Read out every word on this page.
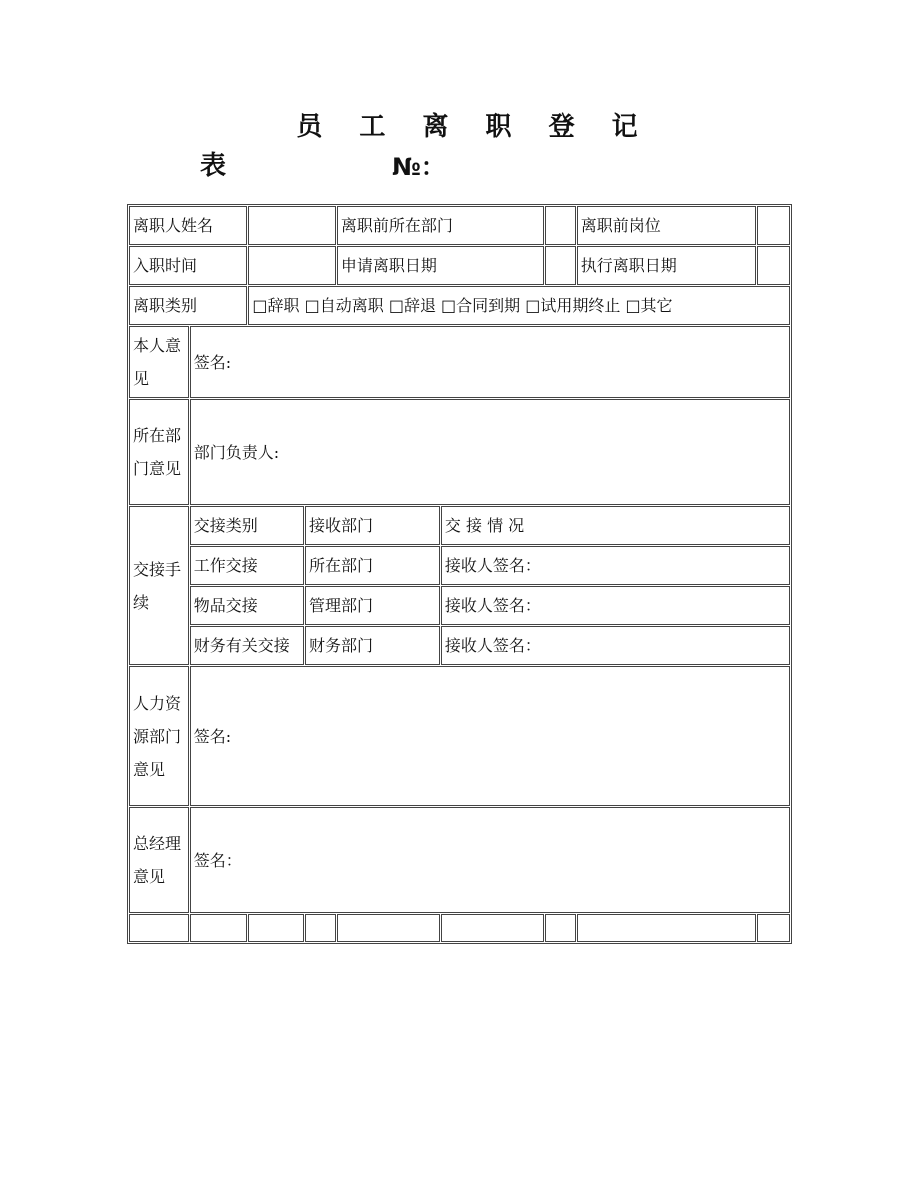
员 工 离 职 登 记
表	№：
离职人姓名				离职前所在部门			离职前岗位	
入职时间				申请离职日期			执行离职日期	
离职类别		□辞职 □自动离职 □辞退 □合同到期 □试用期终止 □其它						
本人意见	签名:							
所在部门意见	部门负责人:							
交接手续	交接类别		接收部门		交 接 情 况			
	工作交接		所在部门		接收人签名：			
	物品交接		管理部门		接收人签名：			
	财务有关交接		财务部门		接收人签名：			
人力资源部门意见	签名:							
总经理意见	签名：							
